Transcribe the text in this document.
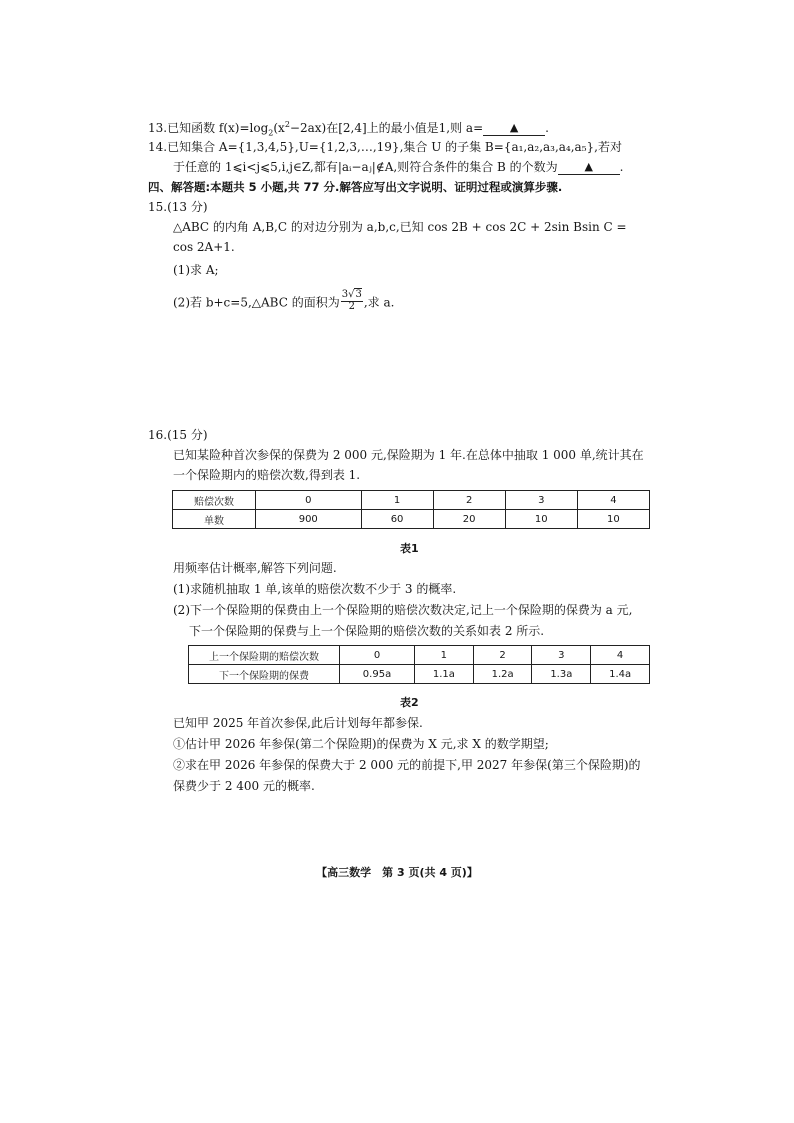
13.已知函数 $f(x)=\log_2(x^2-2ax)$在[2,4]上的最小值是1,则 a= ▲ .
14.已知集合 A={1,3,4,5},U={1,2,3,…,19},集合 U 的子集 B={a₁,a₂,a₃,a₄,a₅},若对
于任意的 1⩽i<j⩽5,i,j∈Z,都有|aᵢ−aⱼ|∉A,则符合条件的集合 B 的个数为 ▲ .
四、解答题:本题共 5 小题,共 77 分.解答应写出文字说明、证明过程或演算步骤.
15.(13 分)
△ABC 的内角 A,B,C 的对边分别为 a,b,c,已知 cos 2B + cos 2C + 2sin Bsin C =
cos 2A+1.
(1)求 A;
(2)若 b+c=5,△ABC 的面积为 $\frac{3√3}{2}$ ,求 a.
16.(15 分)
已知某险种首次参保的保费为 2 000 元,保险期为 1 年.在总体中抽取 1 000 单,统计其在
一个保险期内的赔偿次数,得到表 1.
赔偿次数	0	1	2	3	4
单数	900	60	20	10	10
表1
用频率估计概率,解答下列问题.
(1)求随机抽取 1 单,该单的赔偿次数不少于 3 的概率.
(2)下一个保险期的保费由上一个保险期的赔偿次数决定,记上一个保险期的保费为 a 元,
下一个保险期的保费与上一个保险期的赔偿次数的关系如表 2 所示.
上一个保险期的赔偿次数	0	1	2	3	4
下一个保险期的保费	0.95a	1.1a	1.2a	1.3a	1.4a
表2
已知甲 2025 年首次参保,此后计划每年都参保.
①估计甲 2026 年参保(第二个保险期)的保费为 X 元,求 X 的数学期望;
②求在甲 2026 年参保的保费大于 2 000 元的前提下,甲 2027 年参保(第三个保险期)的
保费少于 2 400 元的概率.
【高三数学　第 3 页(共 4 页)】
